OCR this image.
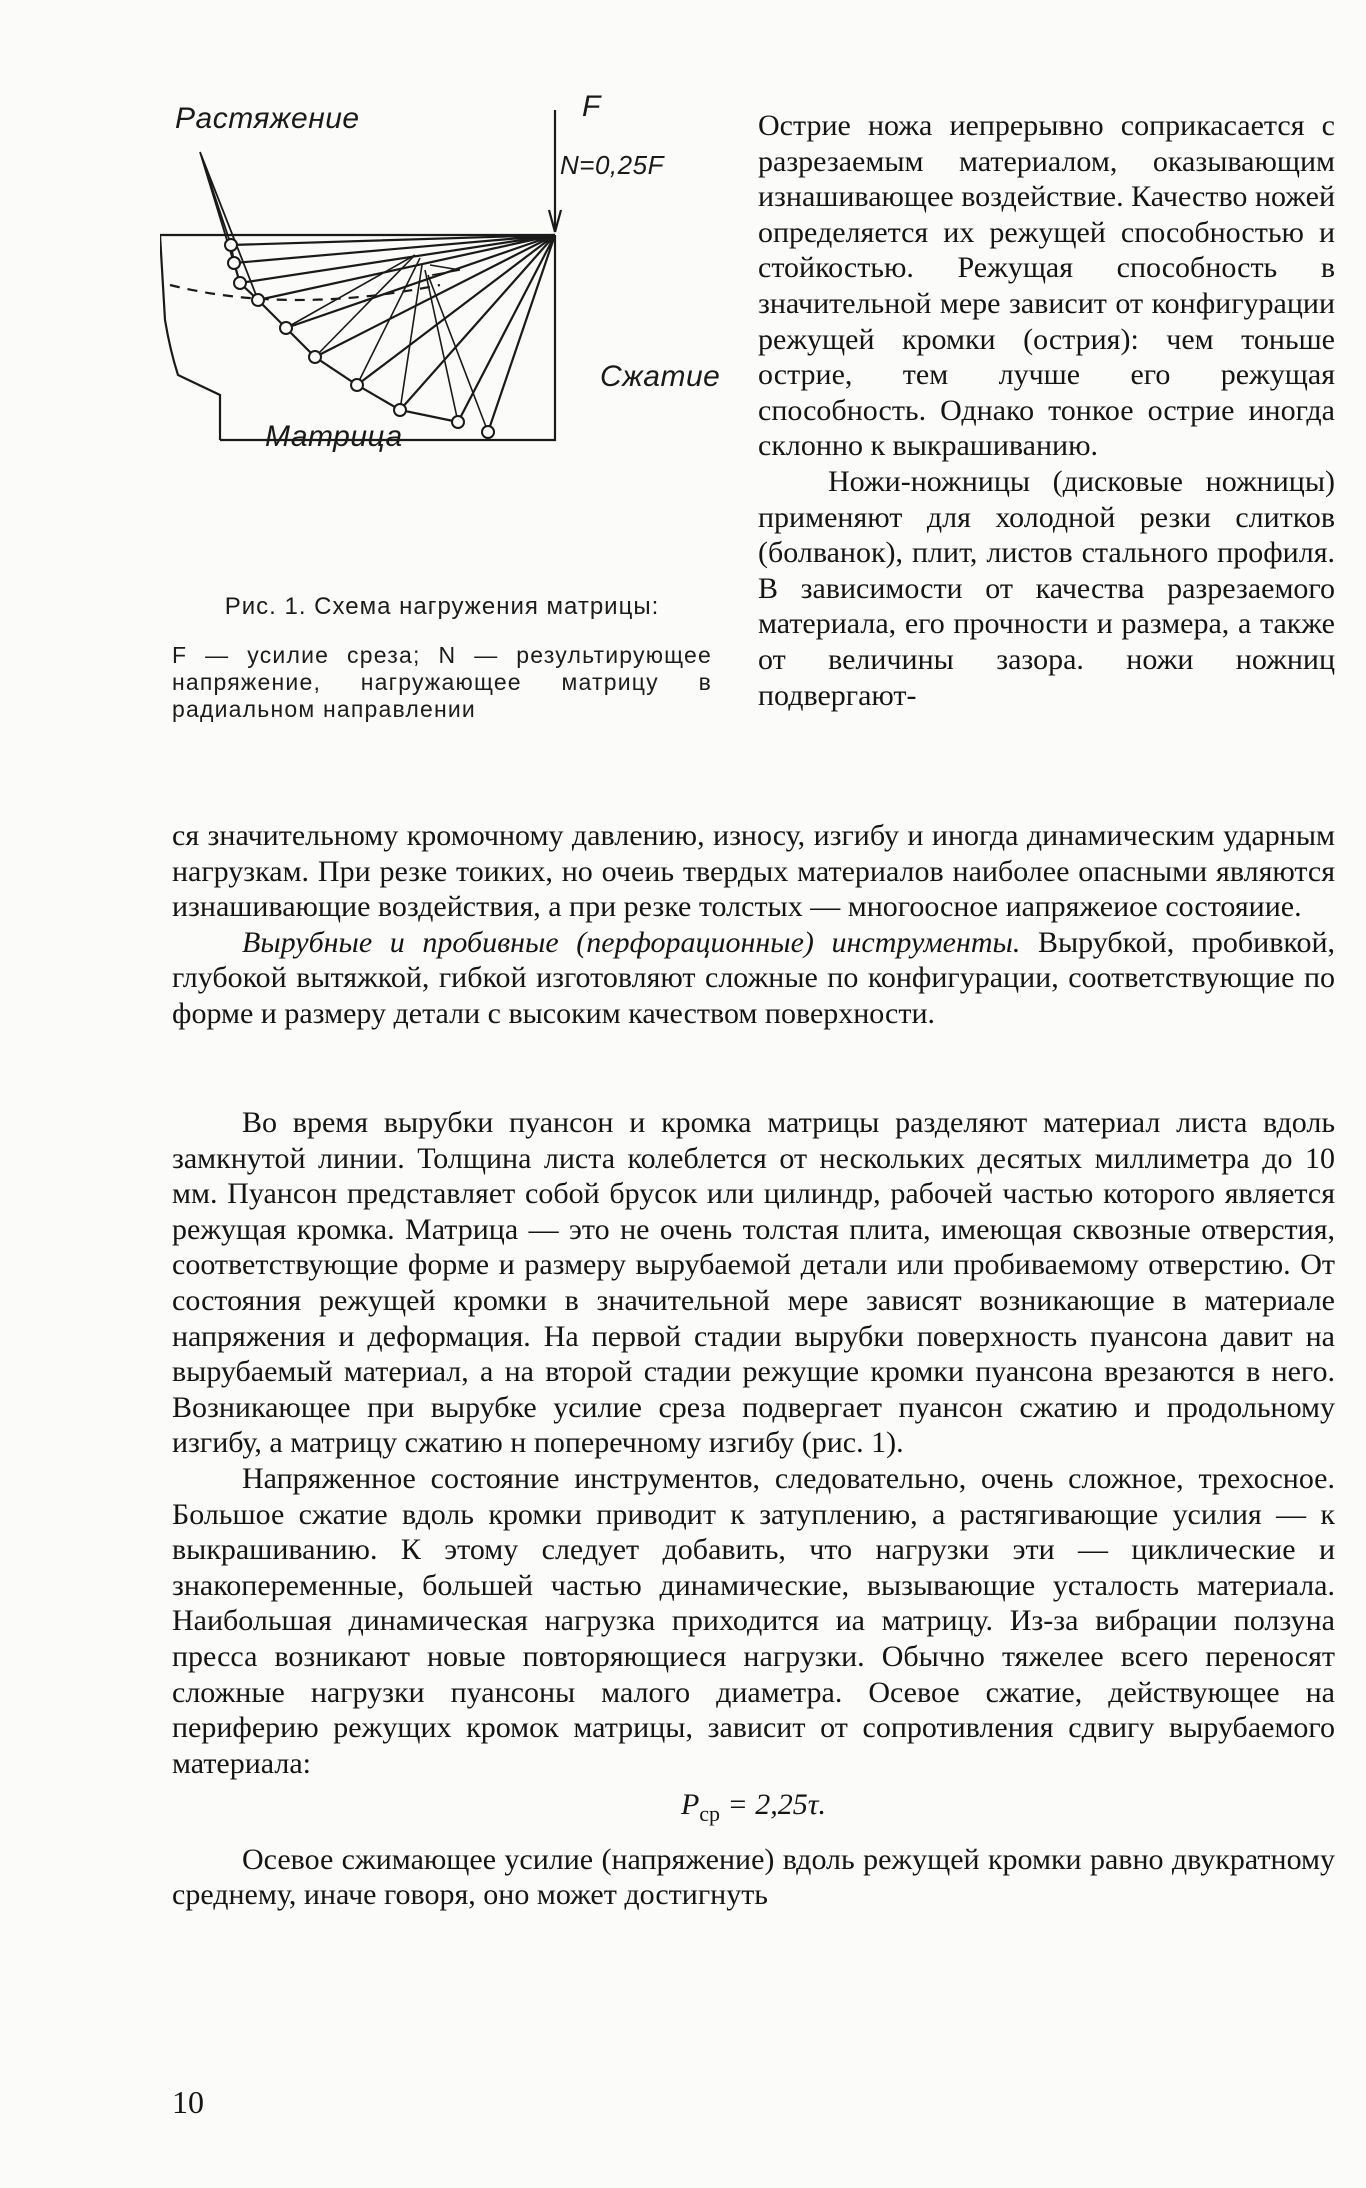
Растяжение	F
N=0,25F
Сжатие
Матрица
Рис. 1. Схема нагружения матрицы:
F — усилие среза; N — результирующее напряжение, нагружающее матрицу в радиальном направлении

Острие ножа иепрерывно соприкасается с разрезаемым материалом, оказывающим изнашивающее воздействие. Качество ножей определяется их режущей способностью и стойкостью. Режущая способность в значительной мере зависит от конфигурации режущей кромки (острия): чем тоньше острие, тем лучше его режущая способность. Однако тонкое острие иногда склонно к выкрашиванию.

Ножи-ножницы (дисковые ножницы) применяют для холодной резки слитков (болванок), плит, листов стального профиля. В зависимости от качества разрезаемого материала, его прочности и размера, а также от величины зазора. ножи ножниц подвергают-

ся значительному кромочному давлению, износу, изгибу и иногда динамическим ударным нагрузкам. При резке тоиких, но очеиь твердых материалов наиболее опасными являются изнашивающие воздействия, а при резке толстых — многоосное иапряжеиое состояиие.

Вырубные и пробивные (перфорационные) инструменты. Вырубкой, пробивкой, глубокой вытяжкой, гибкой изготовляют сложные по конфигурации, соответствующие по форме и размеру детали с высоким качеством поверхности.

Во время вырубки пуансон и кромка матрицы разделяют материал листа вдоль замкнутой линии. Толщина листа колеблется от нескольких десятых миллиметра до 10 мм. Пуансон представляет собой брусок или цилиндр, рабочей частью которого является режущая кромка. Матрица — это не очень толстая плита, имеющая сквозные отверстия, соответствующие форме и размеру вырубаемой детали или пробиваемому отверстию. От состояния режущей кромки в значительной мере зависят возникающие в материале напряжения и деформация. На первой стадии вырубки поверхность пуансона давит на вырубаемый материал, а на второй стадии режущие кромки пуансона врезаются в него. Возникающее при вырубке усилие среза подвергает пуансон сжатию и продольному изгибу, а матрицу сжатию н поперечному изгибу (рис. 1).

Напряженное состояние инструментов, следовательно, очень сложное, трехосное. Большое сжатие вдоль кромки приводит к затуплению, а растягивающие усилия — к выкрашиванию. К этому следует добавить, что нагрузки эти — циклические и знакопеременные, большей частью динамические, вызывающие усталость материала. Наибольшая динамическая нагрузка приходится иа матрицу. Из-за вибрации ползуна пресса возникают новые повторяющиеся нагрузки. Обычно тяжелее всего переносят сложные нагрузки пуансоны малого диаметра. Осевое сжатие, действующее на периферию режущих кромок матрицы, зависит от сопротивления сдвигу вырубаемого материала:

$P_{ср} = 2,25\tau$.

Осевое сжимающее усилие (напряжение) вдоль режущей кромки равно двукратному среднему, иначе говоря, оно может достигнуть

10
